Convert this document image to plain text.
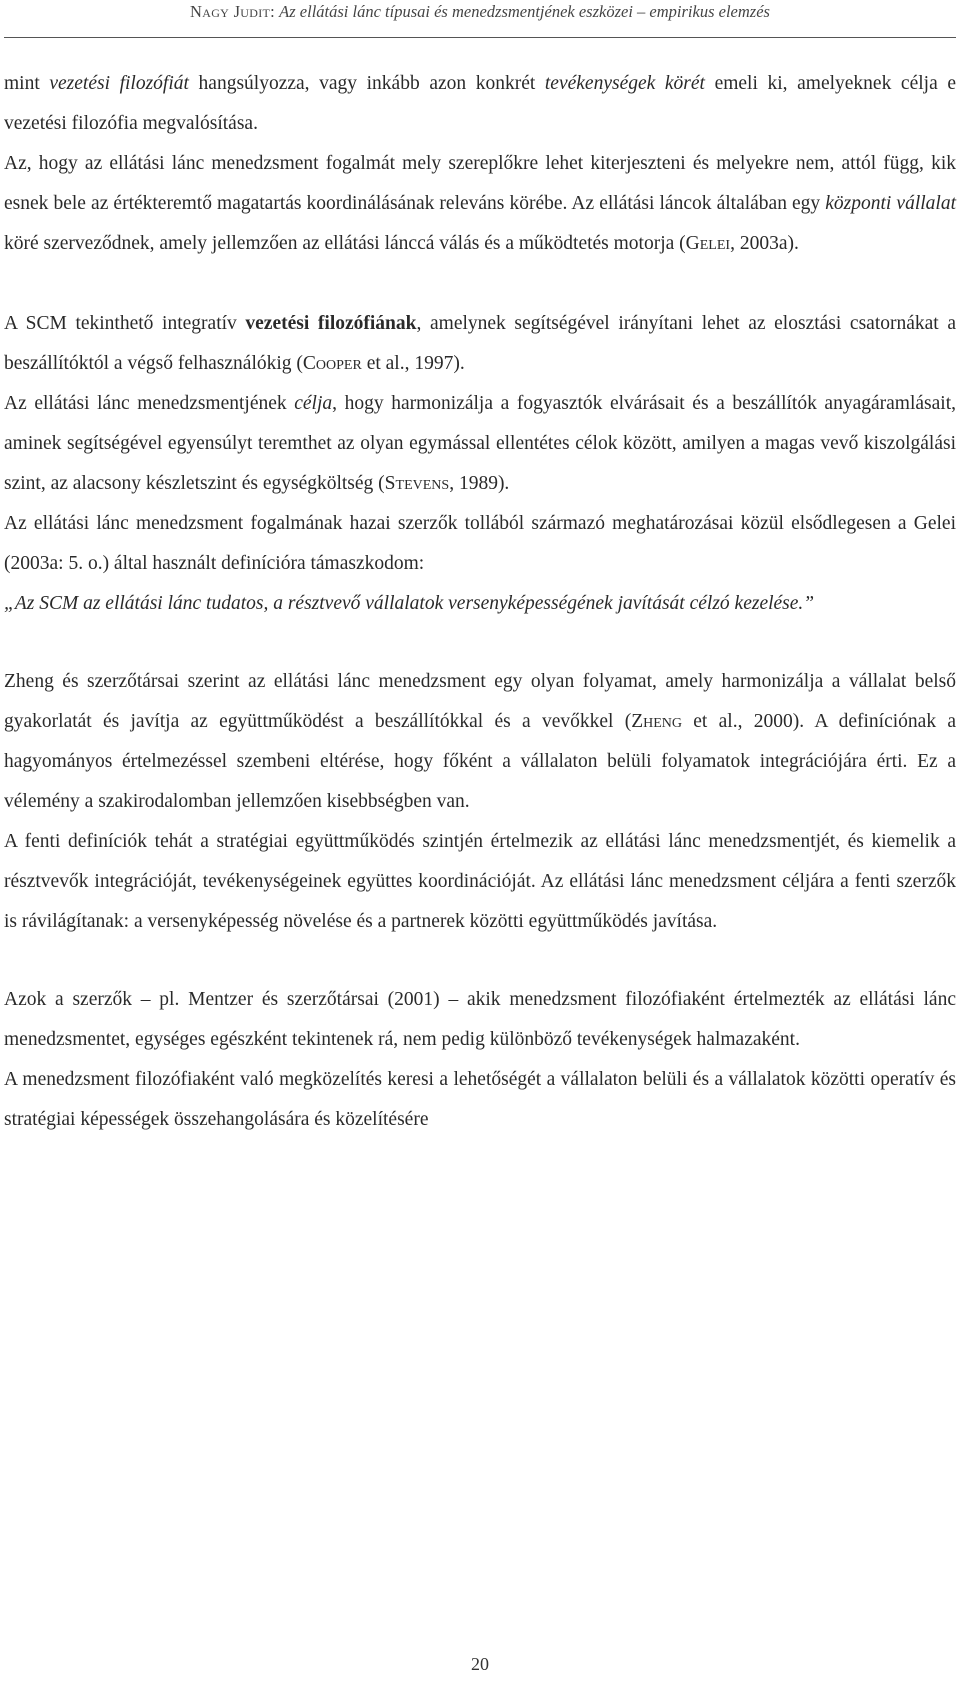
Nagy Judit: Az ellátási lánc típusai és menedzsmentjének eszközei – empirikus elemzés

mint vezetési filozófiát hangsúlyozza, vagy inkább azon konkrét tevékenységek körét emeli ki, amelyeknek célja e vezetési filozófia megvalósítása.

Az, hogy az ellátási lánc menedzsment fogalmát mely szereplőkre lehet kiterjeszteni és melyekre nem, attól függ, kik esnek bele az értékteremtő magatartás koordinálásának releváns körébe. Az ellátási láncok általában egy központi vállalat köré szerveződnek, amely jellemzően az ellátási lánccá válás és a működtetés motorja (Gelei, 2003a).

A SCM tekinthető integratív vezetési filozófiának, amelynek segítségével irányítani lehet az elosztási csatornákat a beszállítóktól a végső felhasználókig (Cooper et al., 1997).

Az ellátási lánc menedzsmentjének célja, hogy harmonizálja a fogyasztók elvárásait és a beszállítók anyagáramlásait, aminek segítségével egyensúlyt teremthet az olyan egymással ellentétes célok között, amilyen a magas vevő kiszolgálási szint, az alacsony készletszint és egységköltség (Stevens, 1989).

Az ellátási lánc menedzsment fogalmának hazai szerzők tollából származó meghatározásai közül elsődlegesen a Gelei (2003a: 5. o.) által használt definícióra támaszkodom:

„Az SCM az ellátási lánc tudatos, a résztvevő vállalatok versenyképességének javítását célzó kezelése.”

Zheng és szerzőtársai szerint az ellátási lánc menedzsment egy olyan folyamat, amely harmonizálja a vállalat belső gyakorlatát és javítja az együttműködést a beszállítókkal és a vevőkkel (Zheng et al., 2000). A definíciónak a hagyományos értelmezéssel szembeni eltérése, hogy főként a vállalaton belüli folyamatok integrációjára érti. Ez a vélemény a szakirodalomban jellemzően kisebbségben van.

A fenti definíciók tehát a stratégiai együttműködés szintjén értelmezik az ellátási lánc menedzsmentjét, és kiemelik a résztvevők integrációját, tevékenységeinek együttes koordinációját. Az ellátási lánc menedzsment céljára a fenti szerzők is rávilágítanak: a versenyképesség növelése és a partnerek közötti együttműködés javítása.

Azok a szerzők – pl. Mentzer és szerzőtársai (2001) – akik menedzsment filozófiaként értelmezték az ellátási lánc menedzsmentet, egységes egészként tekintenek rá, nem pedig különböző tevékenységek halmazaként.

A menedzsment filozófiaként való megközelítés keresi a lehetőségét a vállalaton belüli és a vállalatok közötti operatív és stratégiai képességek összehangolására és közelítésére

20
